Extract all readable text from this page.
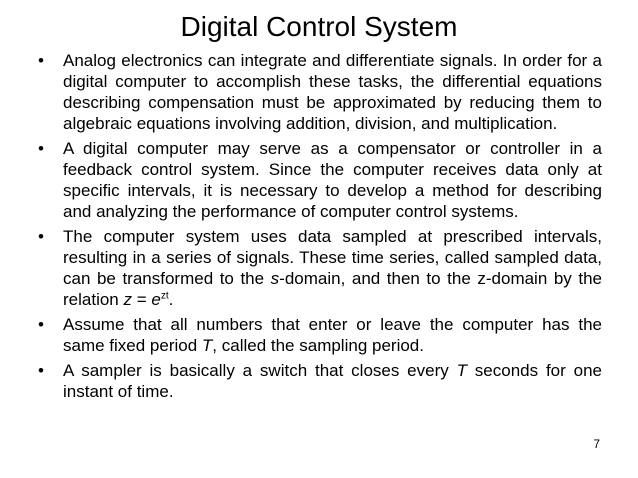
Digital Control System
• Analog electronics can integrate and differentiate signals. In order for a digital computer to accomplish these tasks, the differential equations describing compensation must be approximated by reducing them to algebraic equations involving addition, division, and multiplication.
• A digital computer may serve as a compensator or controller in a feedback control system. Since the computer receives data only at specific intervals, it is necessary to develop a method for describing and analyzing the performance of computer control systems.
• The computer system uses data sampled at prescribed intervals, resulting in a series of signals. These time series, called sampled data, can be transformed to the s-domain, and then to the z-domain by the relation $z = e^{zt}$.
• Assume that all numbers that enter or leave the computer has the same fixed period T, called the sampling period.
• A sampler is basically a switch that closes every T seconds for one instant of time.
7
